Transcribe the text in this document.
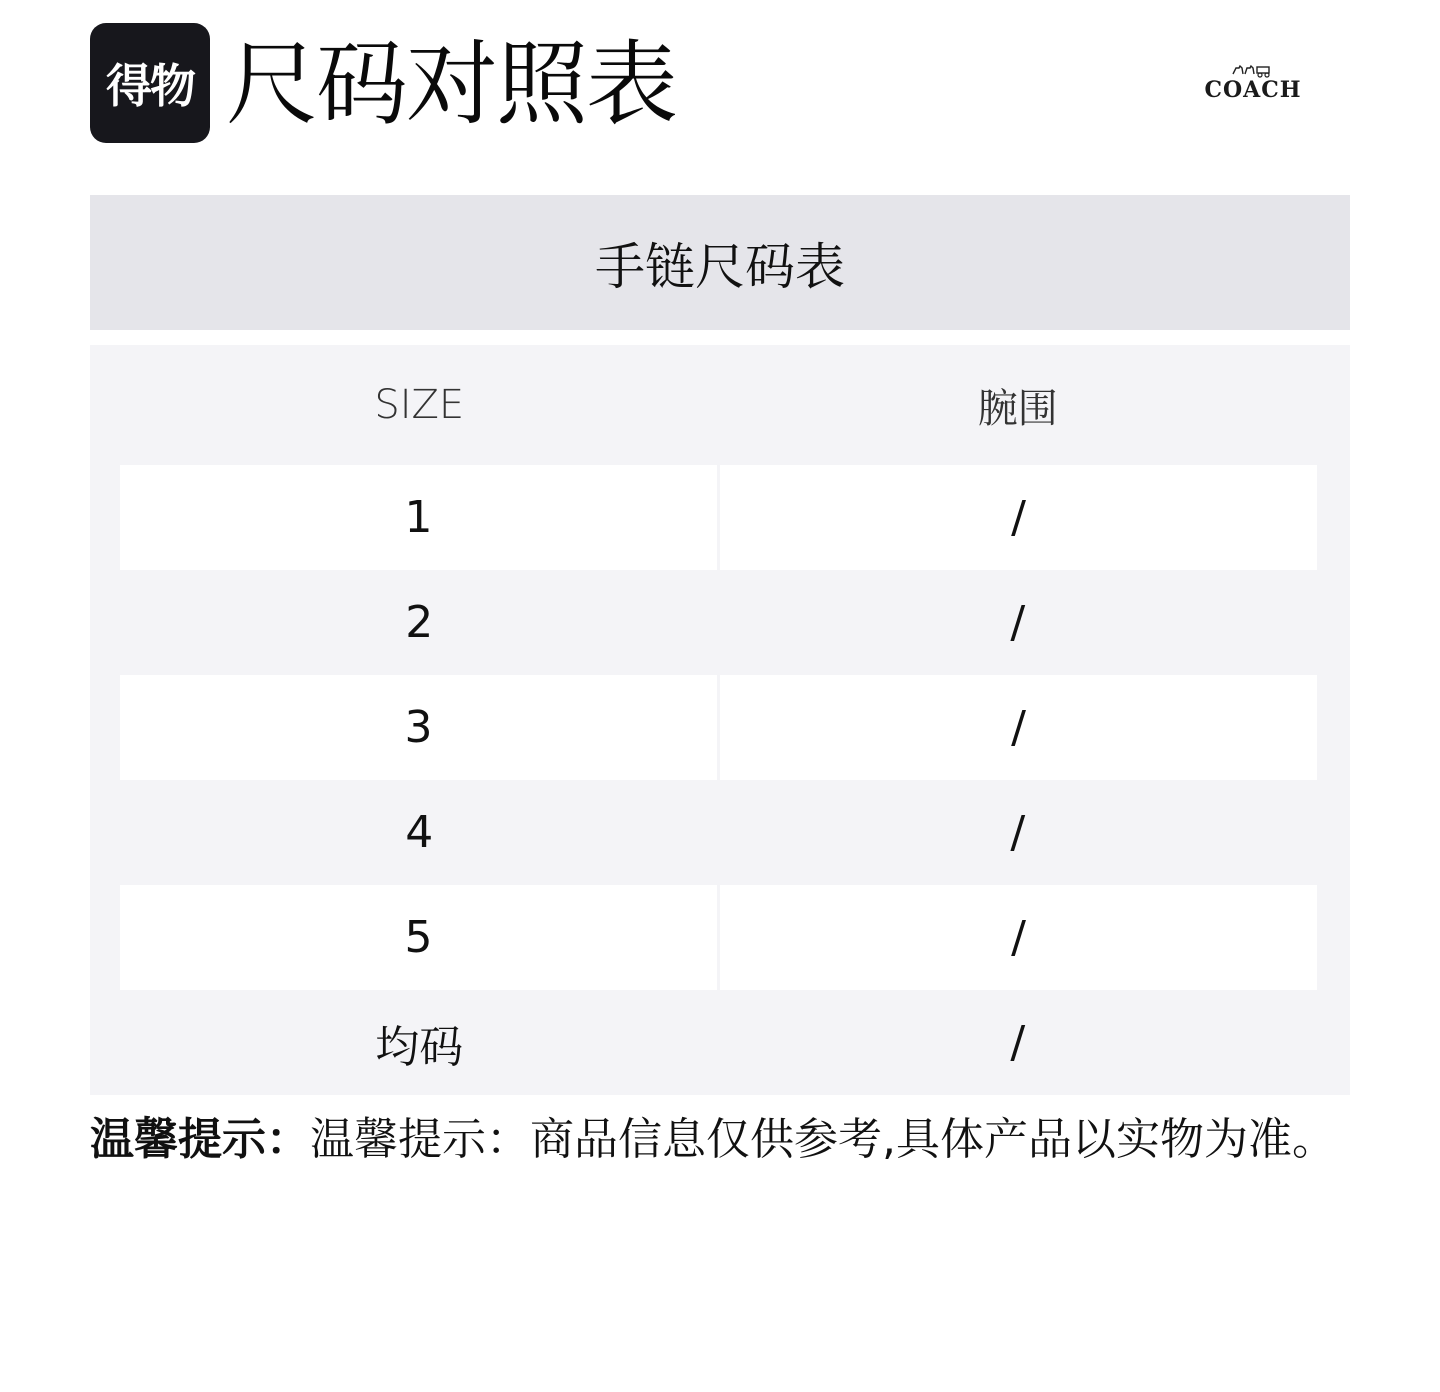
得物 尺码对照表	COACH
手链尺码表
SIZE	腕围
1	/
2	/
3	/
4	/
5	/
均码	/
温馨提示：温馨提示：商品信息仅供参考,具体产品以实物为准。
